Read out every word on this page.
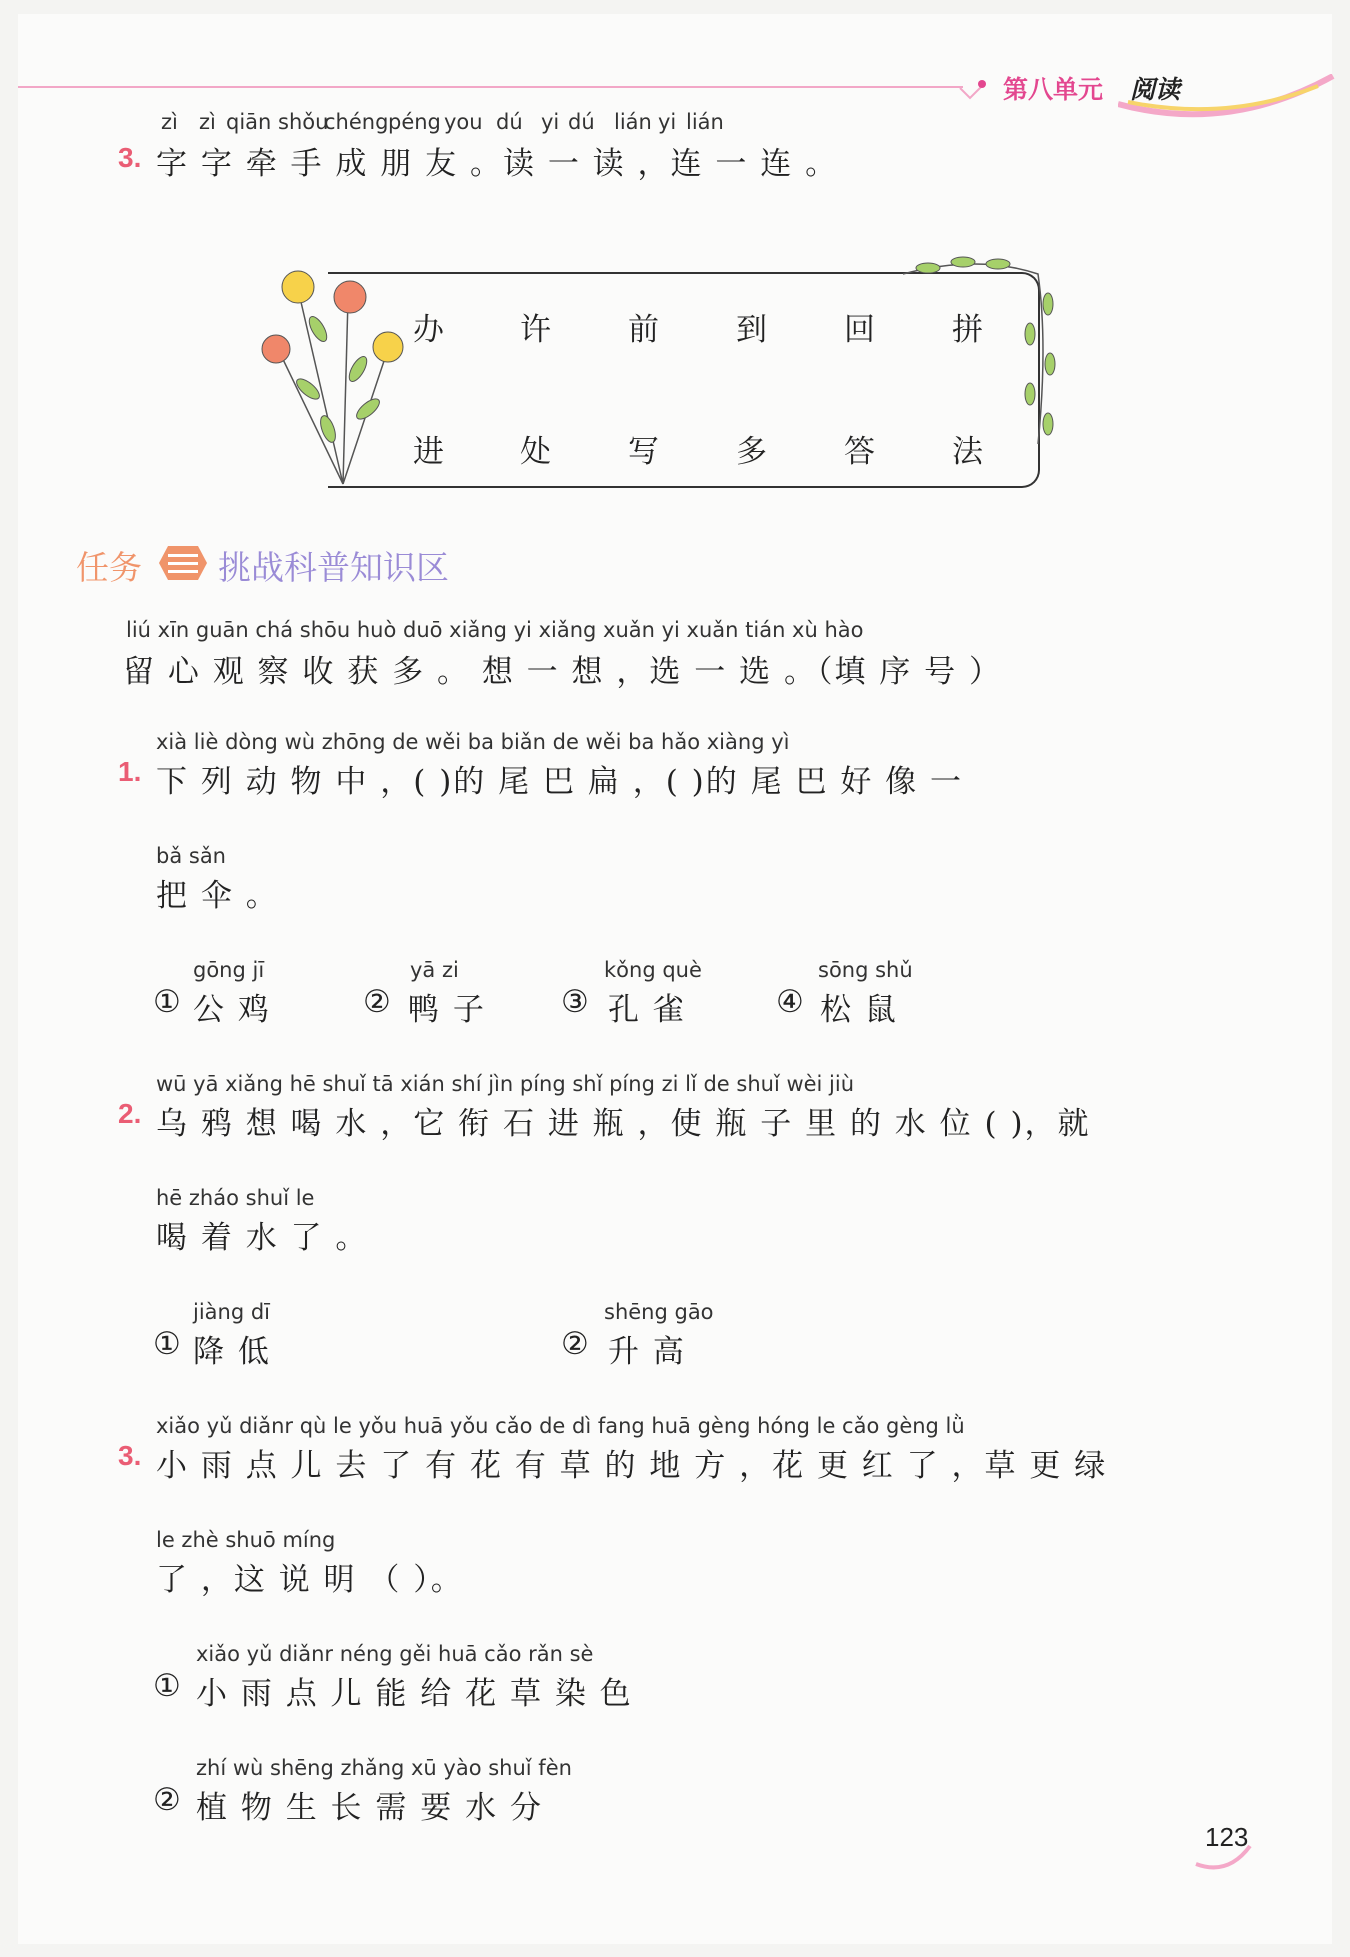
第八单元 阅读
3.
zì zì qiān shǒu
chéng péng you dú yi dú lián yi lián
字 字 牵 手 成 朋 友 。读 一 读 ，连 一 连 。
办 许 前 到 回 拼
进 处 写 多 答 法
任务 挑战科普知识区
liú xīn guān chá shōu huò duō xiǎng yi xiǎng xuǎn yi xuǎn tián xù hào
留 心 观 察 收 获 多 。 想 一 想 ，选 一 选 。（填 序 号 ）
1.
xià liè dòng wù zhōng de wěi ba biǎn de wěi ba hǎo xiàng yì
下 列 动 物 中 ，( )的 尾 巴 扁 ，( )的 尾 巴 好 像 一
bǎ sǎn
把 伞 。
gōng jī
① 公 鸡
yā zi
② 鸭 子
kǒng què
③ 孔 雀
sōng shǔ
④ 松 鼠
2.
wū yā xiǎng hē shuǐ tā xián shí jìn píng shǐ píng zi lǐ de shuǐ wèi jiù
乌 鸦 想 喝 水 ，它 衔 石 进 瓶 ，使 瓶 子 里 的 水 位 ( )，就
hē zháo shuǐ le
喝 着 水 了 。
jiàng dī
① 降 低
shēng gāo
② 升 高
3.
xiǎo yǔ diǎnr qù le yǒu huā yǒu cǎo de dì fang huā gèng hóng le cǎo gèng lǜ
小 雨 点 儿 去 了 有 花 有 草 的 地 方 ，花 更 红 了 ，草 更 绿
le zhè shuō míng
了 ，这 说 明 （ ）。
xiǎo yǔ diǎnr néng gěi huā cǎo rǎn sè
① 小 雨 点 儿 能 给 花 草 染 色
zhí wù shēng zhǎng xū yào shuǐ fèn
② 植 物 生 长 需 要 水 分
123
